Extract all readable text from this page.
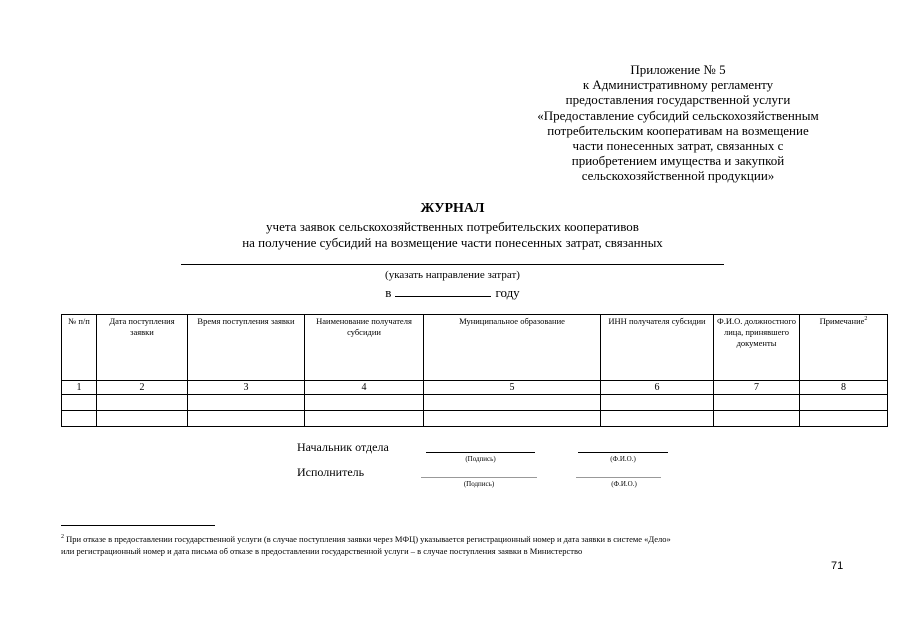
Приложение № 5
к Административному регламенту
предоставления государственной услуги
«Предоставление субсидий сельскохозяйственным
потребительским кооперативам на возмещение
части понесенных затрат, связанных с
приобретением имущества и закупкой
сельскохозяйственной продукции»
ЖУРНАЛ
учета заявок сельскохозяйственных потребительских кооперативов
на получение субсидий на возмещение части понесенных затрат, связанных
(указать направление затрат)
в	году
№ п/п	Дата поступления заявки	Время поступления заявки	Наименование получателя субсидии	Муниципальное образование	ИНН получателя субсидии	Ф.И.О. должностного лица, принявшего документы	Примечание$^2$
1	2	3	4	5	6	7	8

Начальник отдела
(Подпись)	(Ф.И.О.)
Исполнитель
(Подпись)	(Ф.И.О.)
$^2$ При отказе в предоставлении государственной услуги (в случае поступления заявки через МФЦ) указывается регистрационный номер и дата заявки в системе «Дело»
или регистрационный номер и дата письма об отказе в предоставлении государственной услуги – в случае поступления заявки в Министерство
71
